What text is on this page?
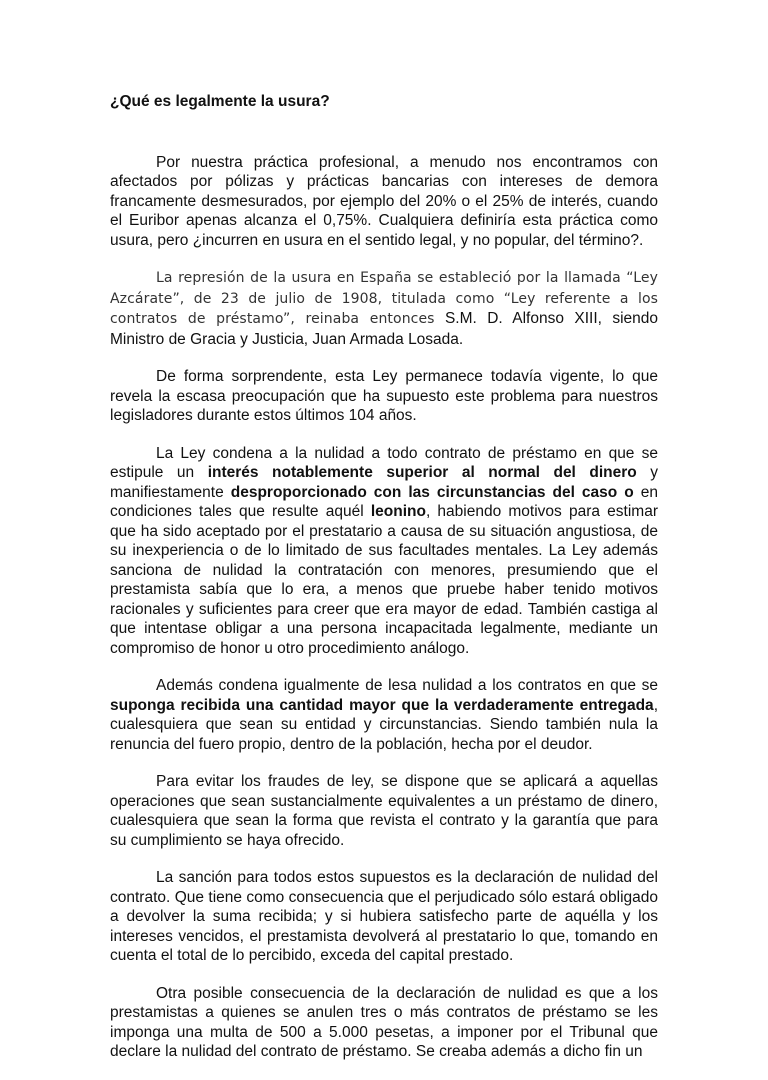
¿Qué es legalmente la usura?

Por nuestra práctica profesional, a menudo nos encontramos con afectados por pólizas y prácticas bancarias con intereses de demora francamente desmesurados, por ejemplo del 20% o el 25% de interés, cuando el Euribor apenas alcanza el 0,75%. Cualquiera definiría esta práctica como usura, pero ¿incurren en usura en el sentido legal, y no popular, del término?.

La represión de la usura en España se estableció por la llamada “Ley Azcárate”, de 23 de julio de 1908, titulada como “Ley referente a los contratos de préstamo”, reinaba entonces S.M. D. Alfonso XIII, siendo Ministro de Gracia y Justicia, Juan Armada Losada.

De forma sorprendente, esta Ley permanece todavía vigente, lo que revela la escasa preocupación que ha supuesto este problema para nuestros legisladores durante estos últimos 104 años.

La Ley condena a la nulidad a todo contrato de préstamo en que se estipule un interés notablemente superior al normal del dinero y manifiestamente desproporcionado con las circunstancias del caso o en condiciones tales que resulte aquél leonino, habiendo motivos para estimar que ha sido aceptado por el prestatario a causa de su situación angustiosa, de su inexperiencia o de lo limitado de sus facultades mentales. La Ley además sanciona de nulidad la contratación con menores, presumiendo que el prestamista sabía que lo era, a menos que pruebe haber tenido motivos racionales y suficientes para creer que era mayor de edad. También castiga al que intentase obligar a una persona incapacitada legalmente, mediante un compromiso de honor u otro procedimiento análogo.

Además condena igualmente de lesa nulidad a los contratos en que se suponga recibida una cantidad mayor que la verdaderamente entregada, cualesquiera que sean su entidad y circunstancias. Siendo también nula la renuncia del fuero propio, dentro de la población, hecha por el deudor.

Para evitar los fraudes de ley, se dispone que se aplicará a aquellas operaciones que sean sustancialmente equivalentes a un préstamo de dinero, cualesquiera que sean la forma que revista el contrato y la garantía que para su cumplimiento se haya ofrecido.

La sanción para todos estos supuestos es la declaración de nulidad del contrato. Que tiene como consecuencia que el perjudicado sólo estará obligado a devolver la suma recibida; y si hubiera satisfecho parte de aquélla y los intereses vencidos, el prestamista devolverá al prestatario lo que, tomando en cuenta el total de lo percibido, exceda del capital prestado.

Otra posible consecuencia de la declaración de nulidad es que a los prestamistas a quienes se anulen tres o más contratos de préstamo se les imponga una multa de 500 a 5.000 pesetas, a imponer por el Tribunal que declare la nulidad del contrato de préstamo. Se creaba además a dicho fin un
